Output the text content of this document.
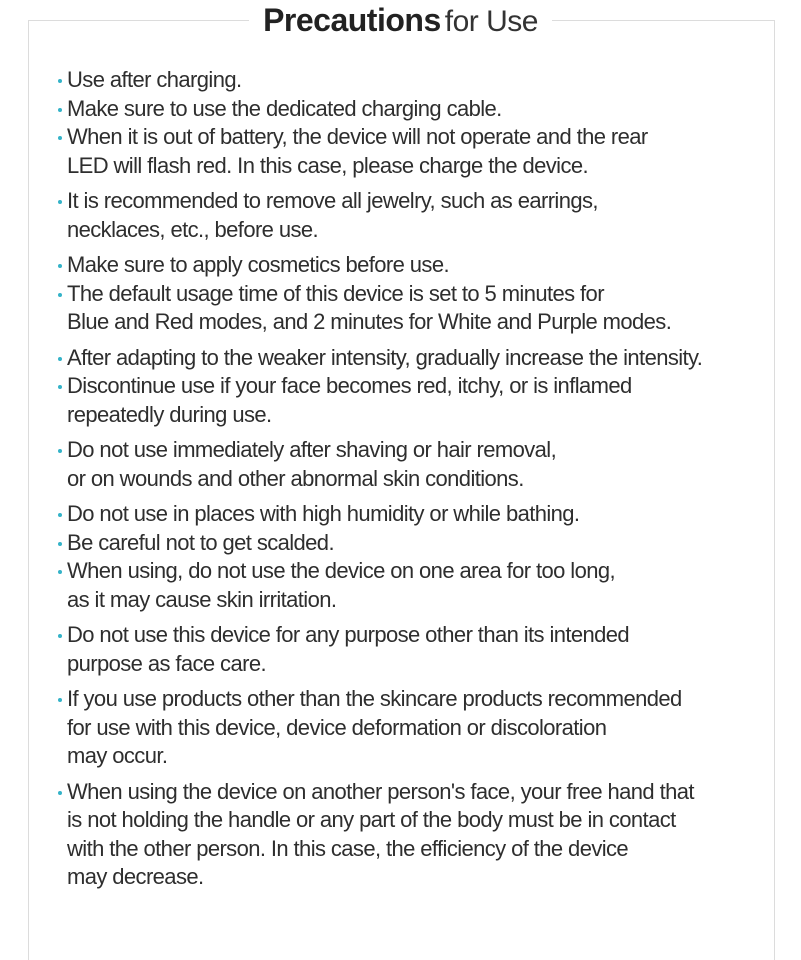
Precautions for Use
Use after charging.
Make sure to use the dedicated charging cable.
When it is out of battery, the device will not operate and the rear
LED will flash red. In this case, please charge the device.
It is recommended to remove all jewelry, such as earrings,
necklaces, etc., before use.
Make sure to apply cosmetics before use.
The default usage time of this device is set to 5 minutes for
Blue and Red modes, and 2 minutes for White and Purple modes.
After adapting to the weaker intensity, gradually increase the intensity.
Discontinue use if your face becomes red, itchy, or is inflamed
repeatedly during use.
Do not use immediately after shaving or hair removal,
or on wounds and other abnormal skin conditions.
Do not use in places with high humidity or while bathing.
Be careful not to get scalded.
When using, do not use the device on one area for too long,
as it may cause skin irritation.
Do not use this device for any purpose other than its intended
purpose as face care.
If you use products other than the skincare products recommended
for use with this device, device deformation or discoloration
may occur.
When using the device on another person's face, your free hand that
is not holding the handle or any part of the body must be in contact
with the other person. In this case, the efficiency of the device
may decrease.
